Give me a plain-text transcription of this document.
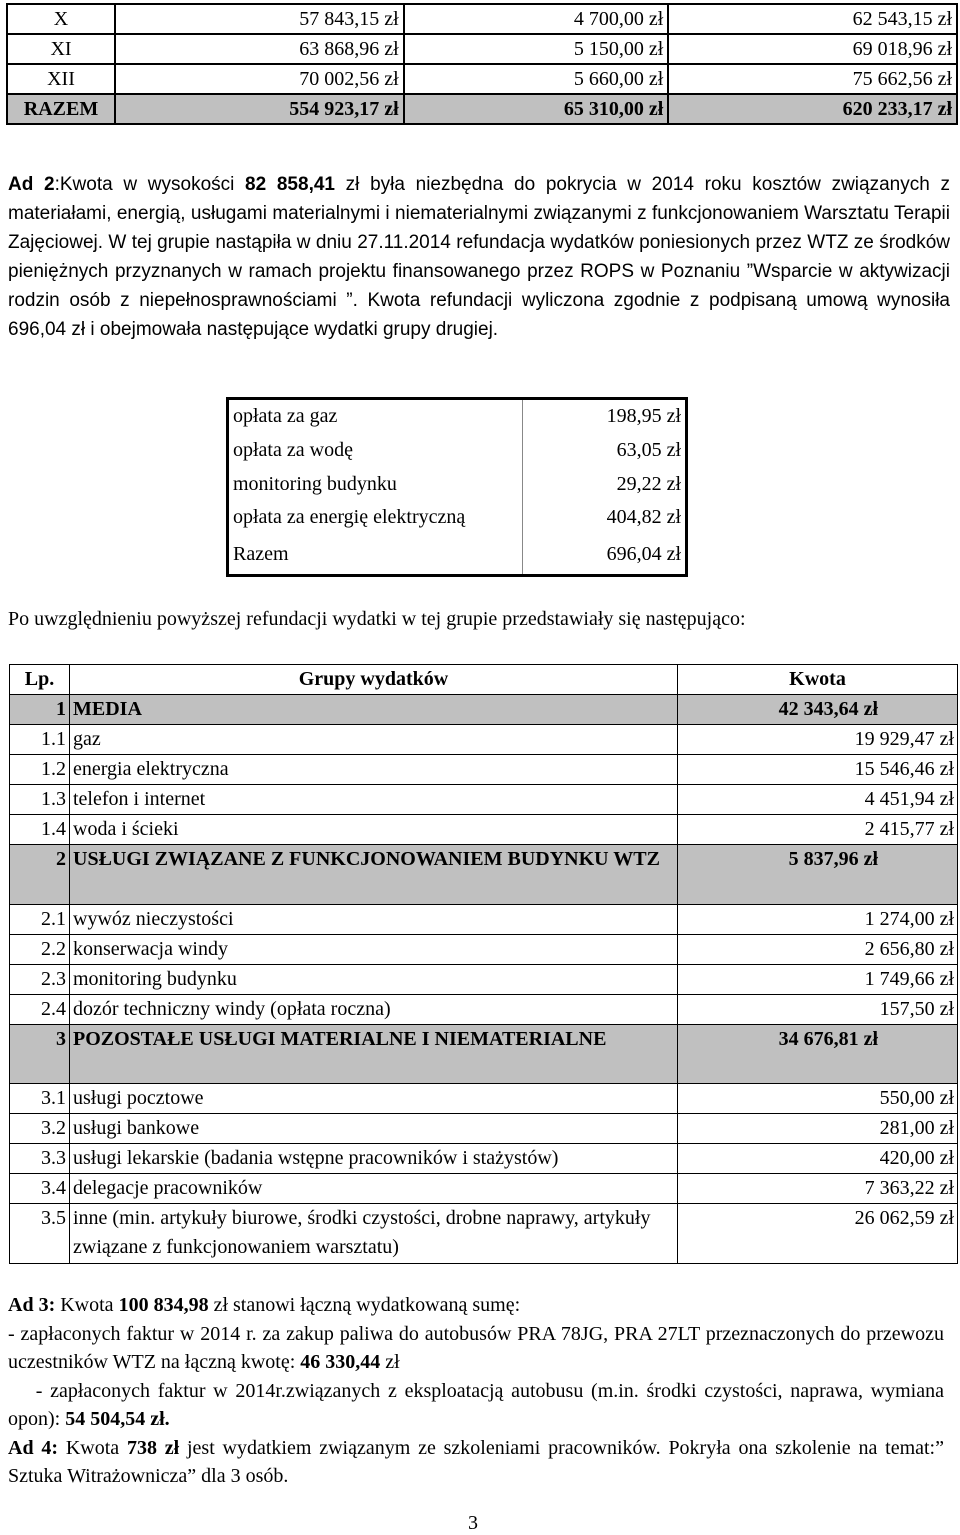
X	57 843,15 zł	4 700,00 zł	62 543,15 zł
XI	63 868,96 zł	5 150,00 zł	69 018,96 zł
XII	70 002,56 zł	5 660,00 zł	75 662,56 zł
RAZEM	554 923,17 zł	65 310,00 zł	620 233,17 zł
Ad 2:Kwota w wysokości 82 858,41 zł była niezbędna do pokrycia w 2014 roku kosztów związanych z materiałami, energią, usługami materialnymi i niematerialnymi związanymi z funkcjonowaniem Warsztatu Terapii Zajęciowej. W tej grupie nastąpiła w dniu 27.11.2014 refundacja wydatków poniesionych przez WTZ ze środków pieniężnych przyznanych w ramach projektu finansowanego przez ROPS w Poznaniu ”Wsparcie w aktywizacji rodzin osób z niepełnosprawnościami ”. Kwota refundacji wyliczona zgodnie z podpisaną umową wynosiła 696,04 zł i obejmowała następujące wydatki grupy drugiej.
opłata za gaz	198,95 zł
opłata za wodę	63,05 zł
monitoring budynku	29,22 zł
opłata za energię elektryczną	404,82 zł
Razem	696,04 zł
Po uwzględnieniu powyższej refundacji wydatki w tej grupie przedstawiały się następująco:
Lp.	Grupy wydatków	Kwota
1	MEDIA	42 343,64 zł
1.1	gaz	19 929,47 zł
1.2	energia elektryczna	15 546,46 zł
1.3	telefon i internet	4 451,94 zł
1.4	woda i ścieki	2 415,77 zł
2	USŁUGI ZWIĄZANE Z FUNKCJONOWANIEM BUDYNKU WTZ	5 837,96 zł
2.1	wywóz nieczystości	1 274,00 zł
2.2	konserwacja windy	2 656,80 zł
2.3	monitoring budynku	1 749,66 zł
2.4	dozór techniczny windy (opłata roczna)	157,50 zł
3	POZOSTAŁE USŁUGI MATERIALNE I NIEMATERIALNE	34 676,81 zł
3.1	usługi pocztowe	550,00 zł
3.2	usługi bankowe	281,00 zł
3.3	usługi lekarskie (badania wstępne pracowników i stażystów)	420,00 zł
3.4	delegacje pracowników	7 363,22 zł
3.5	inne (min. artykuły biurowe, środki czystości, drobne naprawy, artykuły związane z funkcjonowaniem warsztatu)	26 062,59 zł

Ad 3: Kwota 100 834,98 zł stanowi łączną wydatkowaną sumę:

- zapłaconych faktur w 2014 r. za zakup paliwa do autobusów PRA 78JG, PRA 27LT przeznaczonych do przewozu uczestników WTZ na łączną kwotę: 46 330,44 zł

- zapłaconych faktur w 2014r.związanych z eksploatacją autobusu (m.in. środki czystości, naprawa, wymiana opon): 54 504,54 zł.

Ad 4: Kwota 738 zł jest wydatkiem związanym ze szkoleniami pracowników. Pokryła ona szkolenie na temat:” Sztuka Witrażownicza” dla 3 osób.

3
